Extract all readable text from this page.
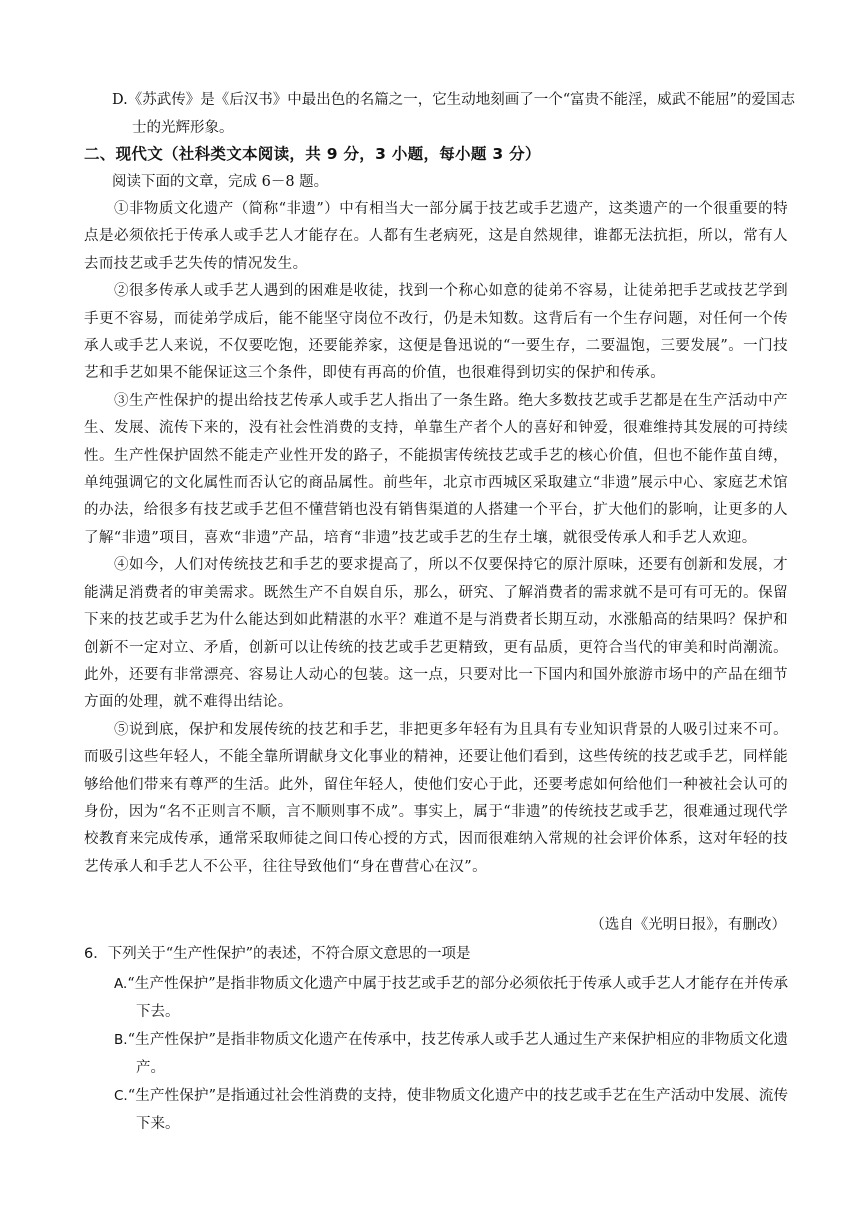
D.《苏武传》是《后汉书》中最出色的名篇之一，它生动地刻画了一个“富贵不能淫，威武不能屈”的爱国志士的光辉形象。
二、现代文（社科类文本阅读，共 9 分，3 小题，每小题 3 分）
阅读下面的文章，完成 6－8 题。

①非物质文化遗产（简称“非遗”）中有相当大一部分属于技艺或手艺遗产，这类遗产的一个很重要的特点是必须依托于传承人或手艺人才能存在。人都有生老病死，这是自然规律，谁都无法抗拒，所以，常有人去而技艺或手艺失传的情况发生。

②很多传承人或手艺人遇到的困难是收徒，找到一个称心如意的徒弟不容易，让徒弟把手艺或技艺学到手更不容易，而徒弟学成后，能不能坚守岗位不改行，仍是未知数。这背后有一个生存问题，对任何一个传承人或手艺人来说，不仅要吃饱，还要能养家，这便是鲁迅说的“一要生存，二要温饱，三要发展”。一门技艺和手艺如果不能保证这三个条件，即使有再高的价值，也很难得到切实的保护和传承。

③生产性保护的提出给技艺传承人或手艺人指出了一条生路。绝大多数技艺或手艺都是在生产活动中产生、发展、流传下来的，没有社会性消费的支持，单靠生产者个人的喜好和钟爱，很难维持其发展的可持续性。生产性保护固然不能走产业性开发的路子，不能损害传统技艺或手艺的核心价值，但也不能作茧自缚，单纯强调它的文化属性而否认它的商品属性。前些年，北京市西城区采取建立“非遗”展示中心、家庭艺术馆的办法，给很多有技艺或手艺但不懂营销也没有销售渠道的人搭建一个平台，扩大他们的影响，让更多的人了解“非遗”项目，喜欢“非遗”产品，培育“非遗”技艺或手艺的生存土壤，就很受传承人和手艺人欢迎。

④如今，人们对传统技艺和手艺的要求提高了，所以不仅要保持它的原汁原味，还要有创新和发展，才能满足消费者的审美需求。既然生产不自娱自乐，那么，研究、了解消费者的需求就不是可有可无的。保留下来的技艺或手艺为什么能达到如此精湛的水平？难道不是与消费者长期互动，水涨船高的结果吗？保护和创新不一定对立、矛盾，创新可以让传统的技艺或手艺更精致，更有品质，更符合当代的审美和时尚潮流。此外，还要有非常漂亮、容易让人动心的包装。这一点，只要对比一下国内和国外旅游市场中的产品在细节方面的处理，就不难得出结论。

⑤说到底，保护和发展传统的技艺和手艺，非把更多年轻有为且具有专业知识背景的人吸引过来不可。而吸引这些年轻人，不能全靠所谓献身文化事业的精神，还要让他们看到，这些传统的技艺或手艺，同样能够给他们带来有尊严的生活。此外，留住年轻人，使他们安心于此，还要考虑如何给他们一种被社会认可的身份，因为“名不正则言不顺，言不顺则事不成”。事实上，属于“非遗”的传统技艺或手艺，很难通过现代学校教育来完成传承，通常采取师徒之间口传心授的方式，因而很难纳入常规的社会评价体系，这对年轻的技艺传承人和手艺人不公平，往往导致他们“身在曹营心在汉”。

（选自《光明日报》，有删改）

6．下列关于“生产性保护”的表述，不符合原文意思的一项是

A.“生产性保护”是指非物质文化遗产中属于技艺或手艺的部分必须依托于传承人或手艺人才能存在并传承下去。

B.“生产性保护”是指非物质文化遗产在传承中，技艺传承人或手艺人通过生产来保护相应的非物质文化遗产。

C.“生产性保护”是指通过社会性消费的支持，使非物质文化遗产中的技艺或手艺在生产活动中发展、流传下来。
